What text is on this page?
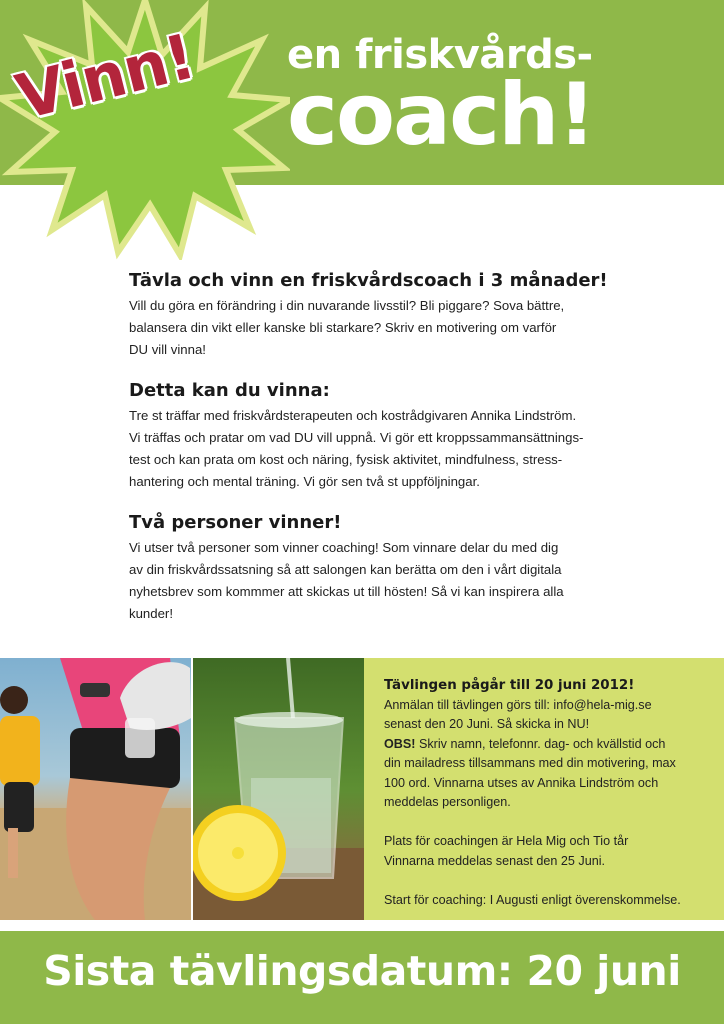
Vinn! en friskvårds-
coach!
Tävla och vinn en friskvårdscoach i 3 månader!

Vill du göra en förändring i din nuvarande livsstil? Bli piggare? Sova bättre,

balansera din vikt eller kanske bli starkare? Skriv en motivering om varför

DU vill vinna!

Detta kan du vinna:

Tre st träffar med friskvårdsterapeuten och kostrådgivaren Annika Lindström.

Vi träffas och pratar om vad DU vill uppnå. Vi gör ett kroppssammansättnings-

test och kan prata om kost och näring, fysisk aktivitet, mindfulness, stress-

hantering och mental träning. Vi gör sen två st uppföljningar.

Två personer vinner!

Vi utser två personer som vinner coaching! Som vinnare delar du med dig

av din friskvårdssatsning så att salongen kan berätta om den i vårt digitala

nyhetsbrev som kommmer att skickas ut till hösten! Så vi kan inspirera alla

kunder!

Tävlingen pågår till 20 juni 2012!
Anmälan till tävlingen görs till: info@hela-mig.se
senast den 20 Juni. Så skicka in NU!
OBS! Skriv namn, telefonnr. dag- och kvällstid och
din mailadress tillsammans med din motivering, max
100 ord. Vinnarna utses av Annika Lindström och
meddelas personligen.
Plats för coachingen är Hela Mig och Tio tår
Vinnarna meddelas senast den 25 Juni.
Start för coaching: I Augusti enligt överenskommelse.
Sista tävlingsdatum: 20 juni
